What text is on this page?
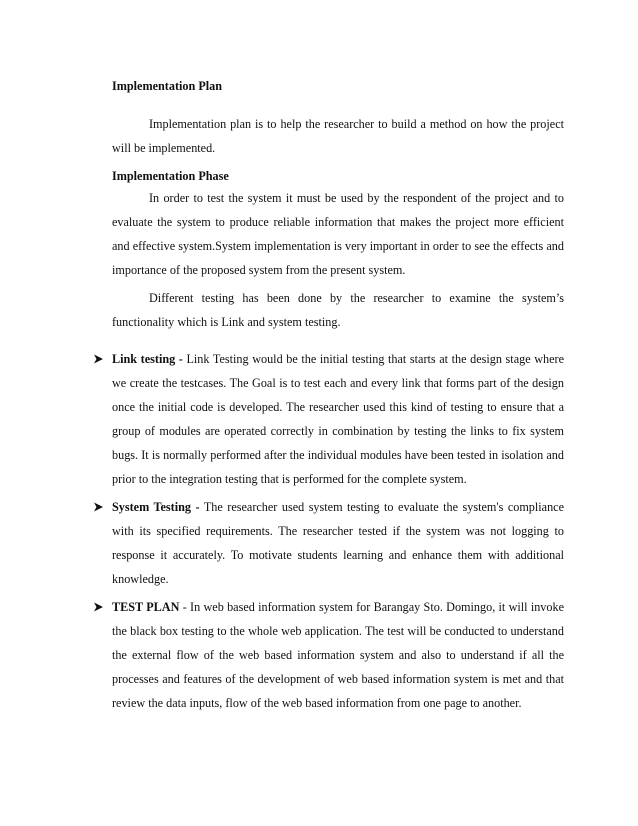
Implementation Plan

Implementation plan is to help the researcher to build a method on how the project will be implemented.

Implementation Phase

In order to test the system it must be used by the respondent of the project and to evaluate the system to produce reliable information that makes the project more efficient and effective system.System implementation is very important in order to see the effects and importance of the proposed system from the present system.

Different testing has been done by the researcher to examine the system’s functionality which is Link and system testing.

Link testing - Link Testing would be the initial testing that starts at the design stage where we create the testcases. The Goal is to test each and every link that forms part of the design once the initial code is developed. The researcher used this kind of testing to ensure that a group of modules are operated correctly in combination by testing the links to fix system bugs. It is normally performed after the individual modules have been tested in isolation and prior to the integration testing that is performed for the complete system.

System Testing - The researcher used system testing to evaluate the system's compliance with its specified requirements. The researcher tested if the system was not logging to response it accurately. To motivate students learning and enhance them with additional knowledge.

TEST PLAN - In web based information system for Barangay Sto. Domingo, it will invoke the black box testing to the whole web application. The test will be conducted to understand the external flow of the web based information system and also to understand if all the processes and features of the development of web based information system is met and that review the data inputs, flow of the web based information from one page to another.
